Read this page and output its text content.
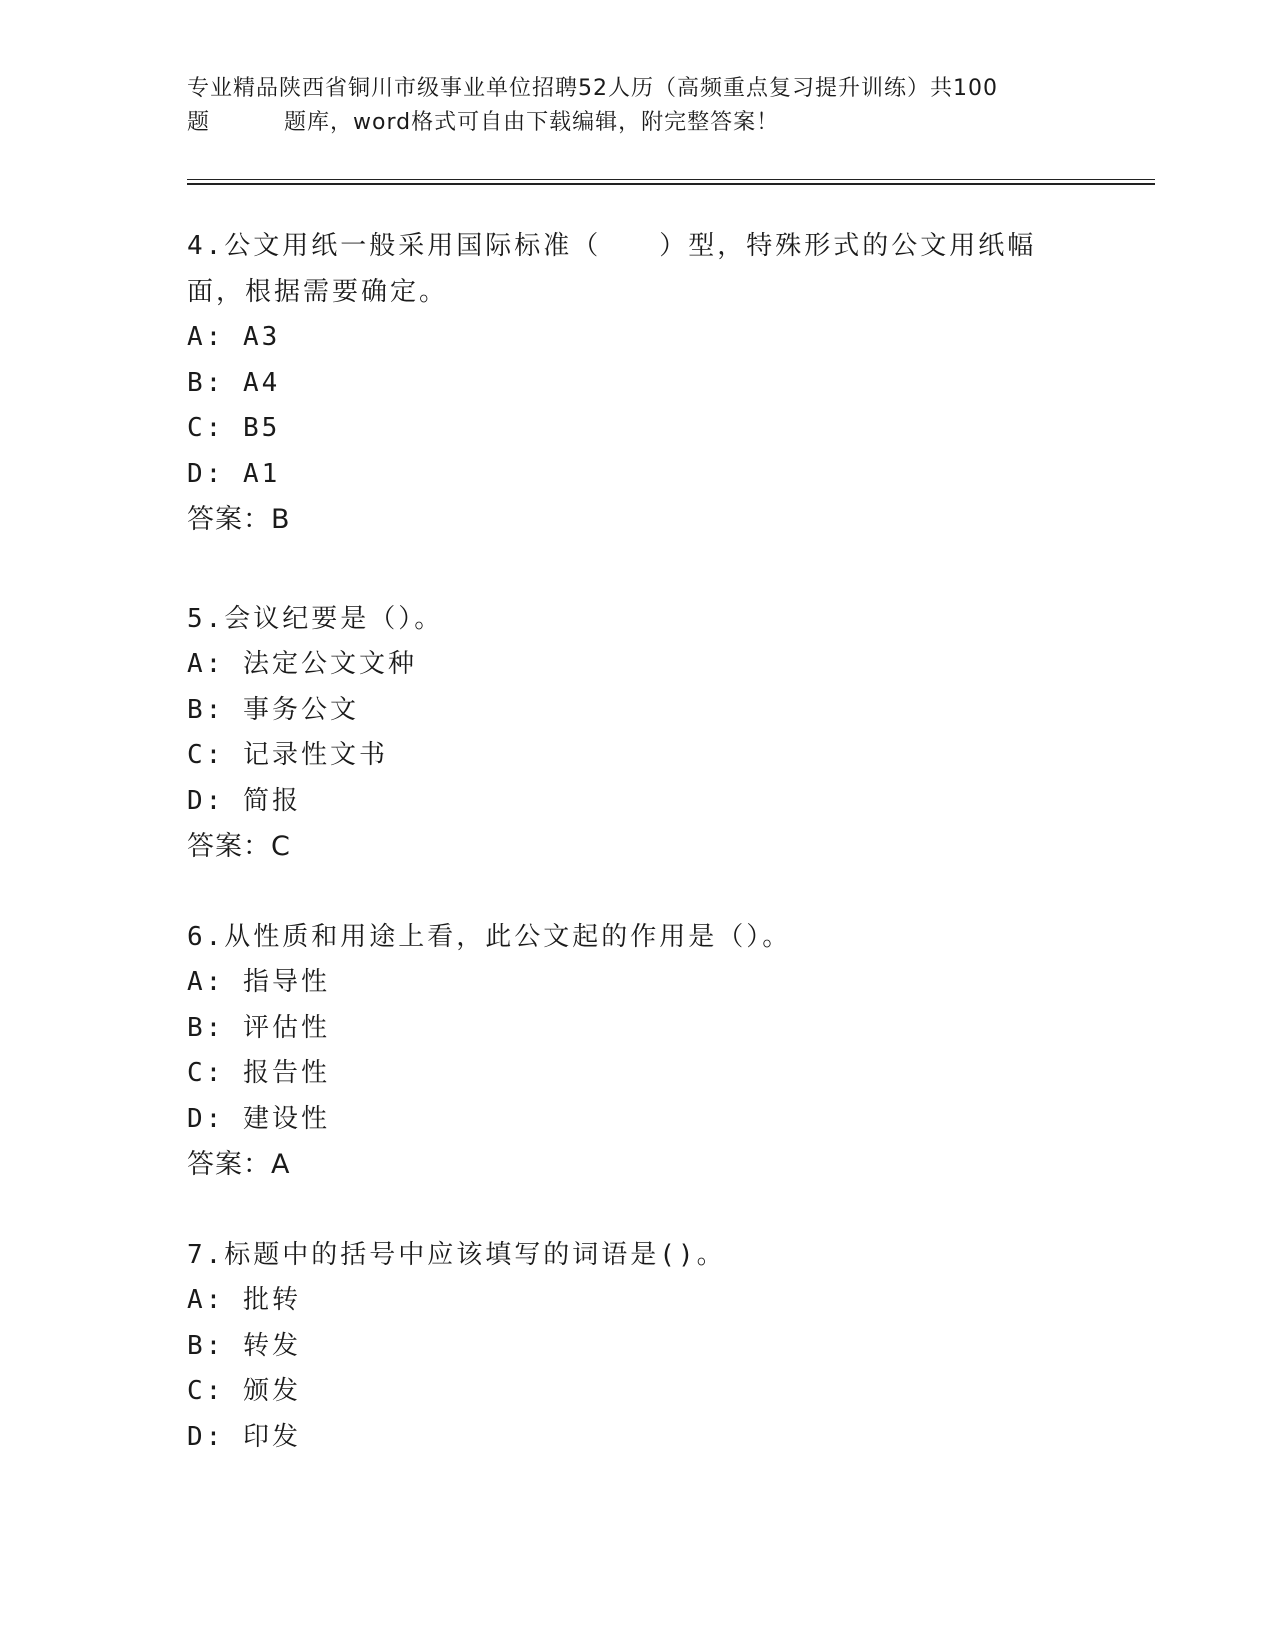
专业精品陕西省铜川市级事业单位招聘52人历（高频重点复习提升训练）共100
题	题库，word格式可自由下载编辑，附完整答案！
4.公文用纸一般采用国际标准（　　）型，特殊形式的公文用纸幅面，根据需要确定。
A: A3
B: A4
C: B5
D: A1
答案：B
5.会议纪要是（）。
A: 法定公文文种
B: 事务公文
C: 记录性文书
D: 简报
答案：C
6.从性质和用途上看，此公文起的作用是（）。
A: 指导性
B: 评估性
C: 报告性
D: 建设性
答案：A
7.标题中的括号中应该填写的词语是()。
A: 批转
B: 转发
C: 颁发
D: 印发
